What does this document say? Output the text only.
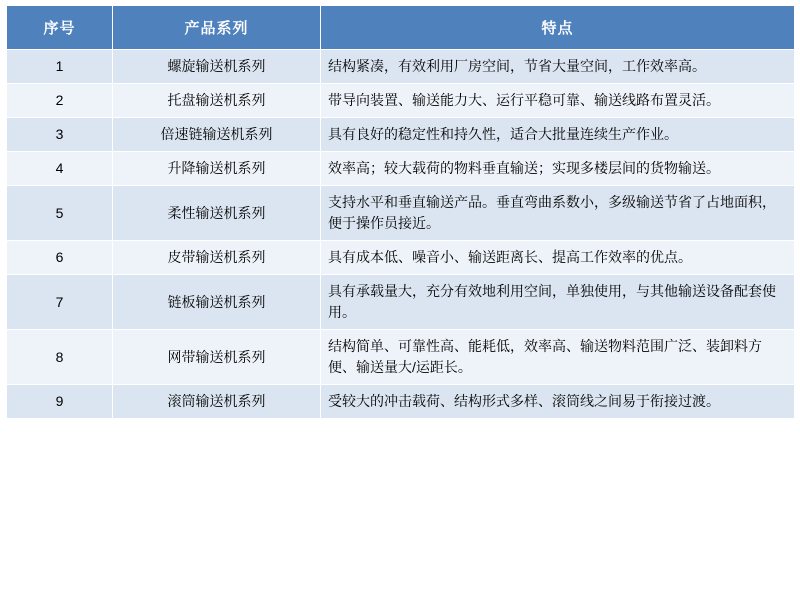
序号	产品系列	特点
1	螺旋输送机系列	结构紧凑，有效利用厂房空间，节省大量空间，工作效率高。
2	托盘输送机系列	带导向装置、输送能力大、运行平稳可靠、输送线路布置灵活。
3	倍速链输送机系列	具有良好的稳定性和持久性，适合大批量连续生产作业。
4	升降输送机系列	效率高；较大载荷的物料垂直输送；实现多楼层间的货物输送。
5	柔性输送机系列	支持水平和垂直输送产品。垂直弯曲系数小，多级输送节省了占地面积，便于操作员接近。
6	皮带输送机系列	具有成本低、噪音小、输送距离长、提高工作效率的优点。
7	链板输送机系列	具有承载量大，充分有效地利用空间，单独使用，与其他输送设备配套使用。
8	网带输送机系列	结构简单、可靠性高、能耗低，效率高、输送物料范围广泛、装卸料方便、输送量大/运距长。
9	滚筒输送机系列	受较大的冲击载荷、结构形式多样、滚筒线之间易于衔接过渡。
